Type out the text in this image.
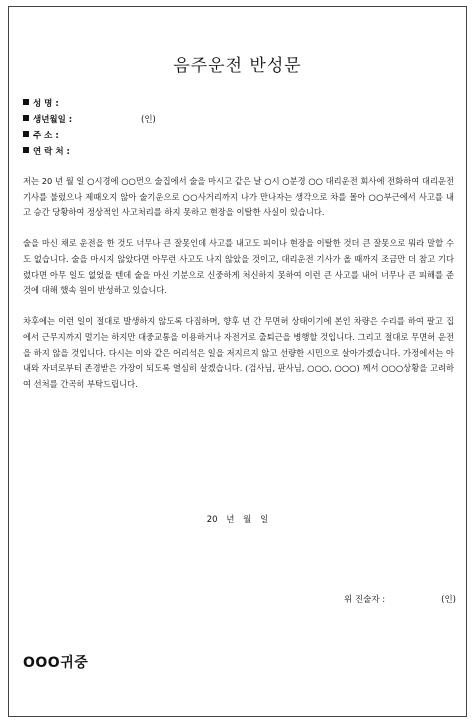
음주운전 반성문
성 명 :
생년월일 :	(인)
주 소 :
연 락 처 :

저는 20 년 월 일 ○시경에 ○○먼으 술집에서 술을 마시고 같은 날 ○시 ○분경 ○○ 대리운전 회사에 전화하여 대리운전 기사를 불렀으나 제때오지 않아 술기운으로 ○○사거리까지 나가 만나자는 생각으로 차를 몰아 ○○부근에서 사고를 내고 승간 당황하여 정상적인 사고처리를 하지 못하고 현장을 이탈한 사실이 있습니다.

술을 마신 채로 운전을 한 것도 너무나 큰 잘못인데 사고를 내고도 피이나 현장을 이탈한 것더 큰 잘못으로 뭐라 말할 수도 없습니다. 술을 마시지 않았다면 아무런 사고도 나지 않았을 것이고, 대리운전 기사가 올 때까지 조금만 더 참고 기다렸다면 아무 일도 없었을 텐데 술을 마신 기분으로 신중하게 처신하지 못하여 이런 큰 사고를 내어 너무나 큰 피해를 준 것에 대해 했속 원이 반성하고 있습니다.

차후에는 이런 일이 절대로 발생하지 않도록 다짐하며, 향후 년 간 무면허 상태이기에 본인 차량은 수리를 하여 팔고 집에서 근무지까지 멀기는 하지만 대중교통을 이용하거나 자전거로 출퇴근을 병행할 것입니다. 그리고 절대로 무면허 운전을 하지 않을 것입니다. 다시는 이와 같은 어리석은 일을 저지르지 않고 선량한 시민으로 살아가겠습니다. 가정에서는 아내와 자녀로부터 존경받은 가장이 되도록 열심히 살겠습니다. (검사님, 판사님, ○○○, ○○○) 께서 ○○○상황을 고려하여 선처를 간곡히 부탁드립니다.

20 년 월 일
위 진술자 :	(인)
OOO귀중
